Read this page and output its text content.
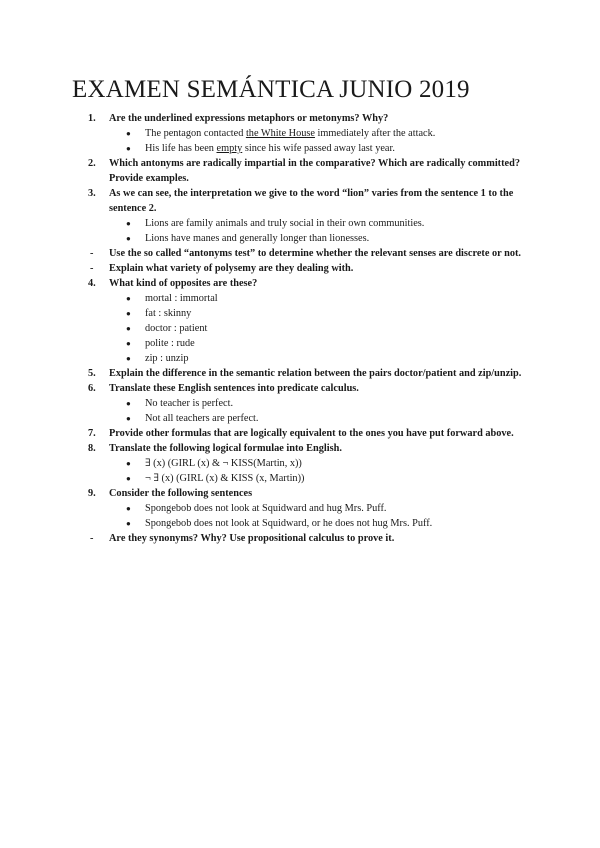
EXAMEN SEMÁNTICA JUNIO 2019
1. Are the underlined expressions metaphors or metonyms? Why?
● The pentagon contacted the White House immediately after the attack.
● His life has been empty since his wife passed away last year.
2. Which antonyms are radically impartial in the comparative? Which are radically committed? Provide examples.
3. As we can see, the interpretation we give to the word “lion” varies from the sentence 1 to the sentence 2.
● Lions are family animals and truly social in their own communities.
● Lions have manes and generally longer than lionesses.
- Use the so called “antonyms test” to determine whether the relevant senses are discrete or not.
- Explain what variety of polysemy are they dealing with.
4. What kind of opposites are these?
● mortal : immortal
● fat : skinny
● doctor : patient
● polite : rude
● zip : unzip
5. Explain the difference in the semantic relation between the pairs doctor/patient and zip/unzip.
6. Translate these English sentences into predicate calculus.
● No teacher is perfect.
● Not all teachers are perfect.
7. Provide other formulas that are logically equivalent to the ones you have put forward above.
8. Translate the following logical formulae into English.
● ∃ (x) (GIRL (x) & ¬ KISS(Martin, x))
● ¬ ∃ (x) (GIRL (x) & KISS (x, Martin))
9. Consider the following sentences
● Spongebob does not look at Squidward and hug Mrs. Puff.
● Spongebob does not look at Squidward, or he does not hug Mrs. Puff.
- Are they synonyms? Why? Use propositional calculus to prove it.
